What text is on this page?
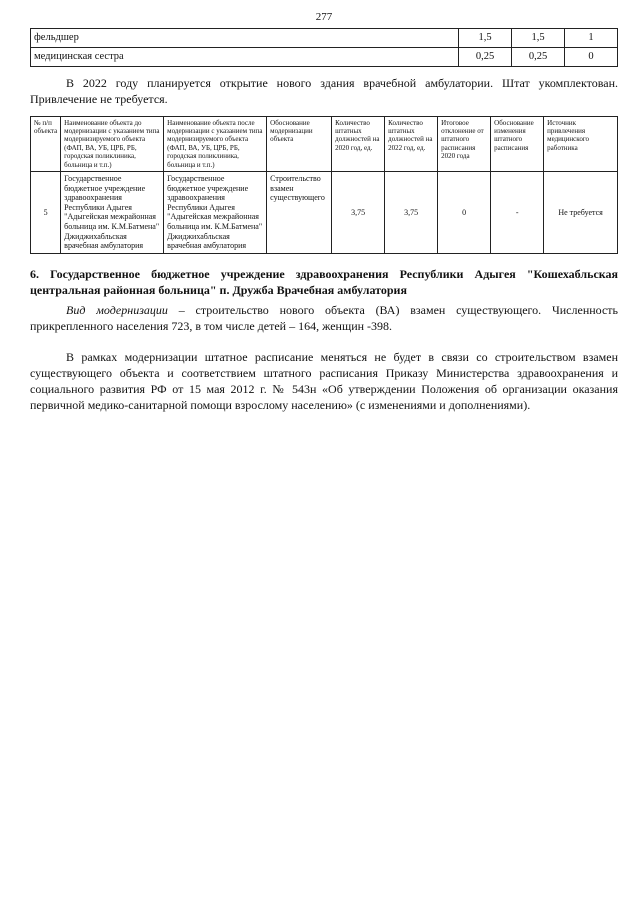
277
фельдшер	1,5	1,5	1
медицинская сестра	0,25	0,25	0

В 2022 году планируется открытие нового здания врачебной амбулатории. Штат укомплектован. Привлечение не требуется.

№ п/п объекта	Наименование объекта до модернизации с указанием типа модернизируемого объекта (ФАП, ВА, УБ, ЦРБ, РБ, городская поликлиника, больница и т.п.)	Наименование объекта после модернизации с указанием типа модернизируемого объекта (ФАП, ВА, УБ, ЦРБ, РБ, городская поликлиника, больница и т.п.)	Обоснование модернизации объекта	Количество штатных должностей на 2020 год, ед.	Количество штатных должностей на 2022 год, ед.	Итоговое отклонение от штатного расписания 2020 года	Обоснование изменения штатного расписания	Источник привлечения медицинского работника
5	Государственное бюджетное учреждение здравоохранения Республики Адыгея "Адыгейская межрайонная больница им. К.М.Батмена" Джиджихабльская врачебная амбулатория	Государственное бюджетное учреждение здравоохранения Республики Адыгея "Адыгейская межрайонная больница им. К.М.Батмена" Джиджихабльская врачебная амбулатория	Строительство взамен существующего	3,75	3,75	0	-	Не требуется

6. Государственное бюджетное учреждение здравоохранения Республики Адыгея "Кошехабльская центральная районная больница" п. Дружба Врачебная амбулатория

Вид модернизации – строительство нового объекта (ВА) взамен существующего. Численность прикрепленного населения 723, в том числе детей – 164, женщин -398.

В рамках модернизации штатное расписание меняться не будет в связи со строительством взамен существующего объекта и соответствием штатного расписания Приказу Министерства здравоохранения и социального развития РФ от 15 мая 2012 г. № 543н «Об утверждении Положения об организации оказания первичной медико-санитарной помощи взрослому населению» (с изменениями и дополнениями).
